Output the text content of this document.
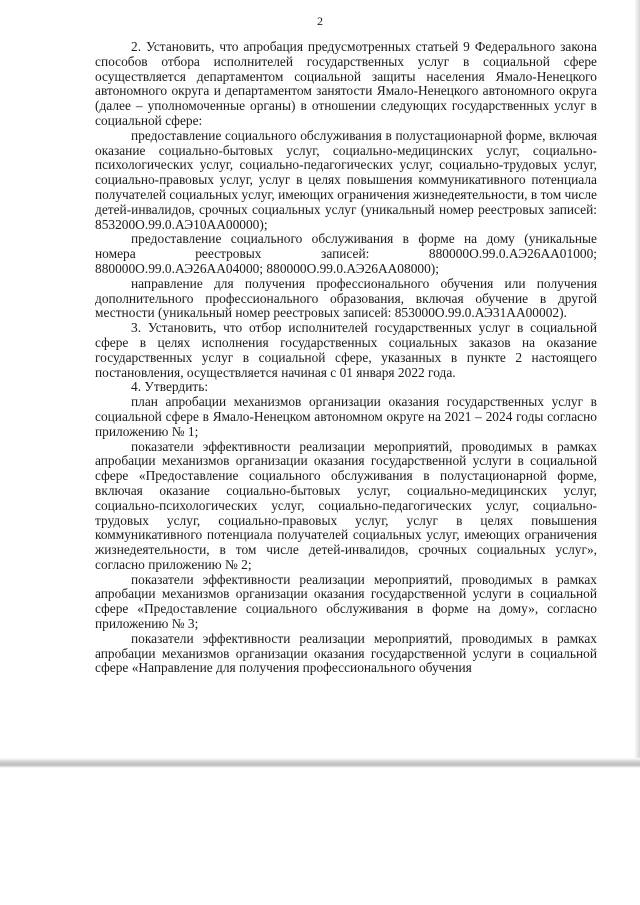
2

2. Установить, что апробация предусмотренных статьей 9 Федерального закона способов отбора исполнителей государственных услуг в социальной сфере осуществляется департаментом социальной защиты населения Ямало-Ненецкого автономного округа и департаментом занятости Ямало-Ненецкого автономного округа (далее – уполномоченные органы) в отношении следующих государственных услуг в социальной сфере:

предоставление социального обслуживания в полустационарной форме, включая оказание социально-бытовых услуг, социально-медицинских услуг, социально-психологических услуг, социально-педагогических услуг, социально-трудовых услуг, социально-правовых услуг, услуг в целях повышения коммуникативного потенциала получателей социальных услуг, имеющих ограничения жизнедеятельности, в том числе детей-инвалидов, срочных социальных услуг (уникальный номер реестровых записей: 853200О.99.0.АЭ10АА00000);

предоставление социального обслуживания в форме на дому (уникальные номера реестровых записей: 880000О.99.0.АЭ26АА01000; 880000О.99.0.АЭ26АА04000; 880000О.99.0.АЭ26АА08000);

направление для получения профессионального обучения или получения дополнительного профессионального образования, включая обучение в другой местности (уникальный номер реестровых записей: 853000О.99.0.АЭ31АА00002).

3. Установить, что отбор исполнителей государственных услуг в социальной сфере в целях исполнения государственных социальных заказов на оказание государственных услуг в социальной сфере, указанных в пункте 2 настоящего постановления, осуществляется начиная с 01 января 2022 года.

4. Утвердить:

план апробации механизмов организации оказания государственных услуг в социальной сфере в Ямало-Ненецком автономном округе на 2021 – 2024 годы согласно приложению № 1;

показатели эффективности реализации мероприятий, проводимых в рамках апробации механизмов организации оказания государственной услуги в социальной сфере «Предоставление социального обслуживания в полустационарной форме, включая оказание социально-бытовых услуг, социально-медицинских услуг, социально-психологических услуг, социально-педагогических услуг, социально-трудовых услуг, социально-правовых услуг, услуг в целях повышения коммуникативного потенциала получателей социальных услуг, имеющих ограничения жизнедеятельности, в том числе детей-инвалидов, срочных социальных услуг», согласно приложению № 2;

показатели эффективности реализации мероприятий, проводимых в рамках апробации механизмов организации оказания государственной услуги в социальной сфере «Предоставление социального обслуживания в форме на дому», согласно приложению № 3;

показатели эффективности реализации мероприятий, проводимых в рамках апробации механизмов организации оказания государственной услуги в социальной сфере «Направление для получения профессионального обучения
